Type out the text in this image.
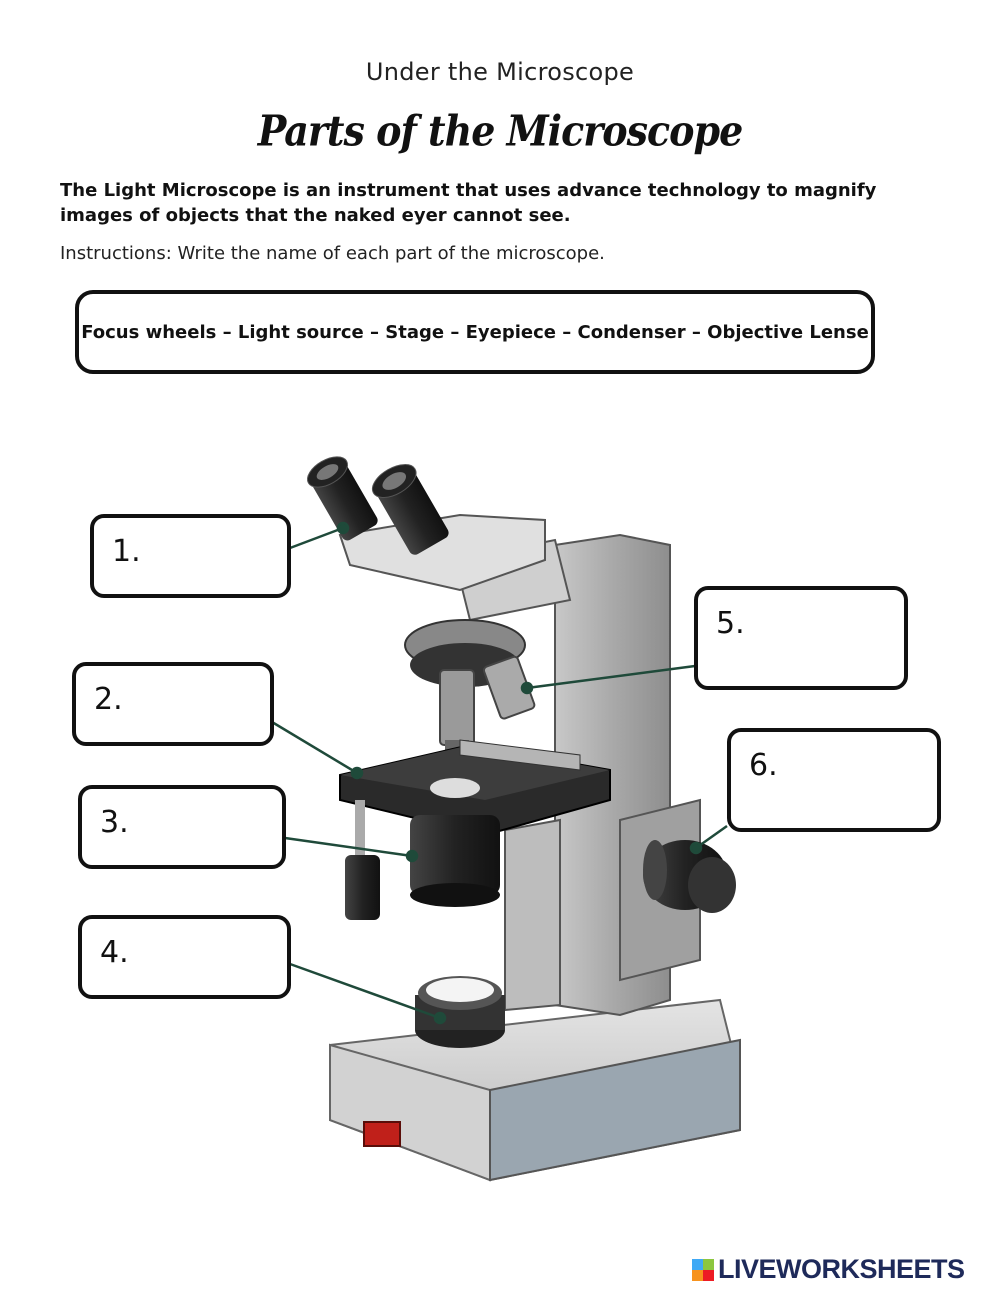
Under the Microscope
Parts of the Microscope
The Light Microscope is an instrument that uses advance technology to magnify images of objects that the naked eyer cannot see.
Instructions: Write the name of each part of the microscope.
Focus wheels – Light source – Stage – Eyepiece – Condenser – Objective Lense
1.
2.
3.
4.
5.
6.
LIVEWORKSHEETS
